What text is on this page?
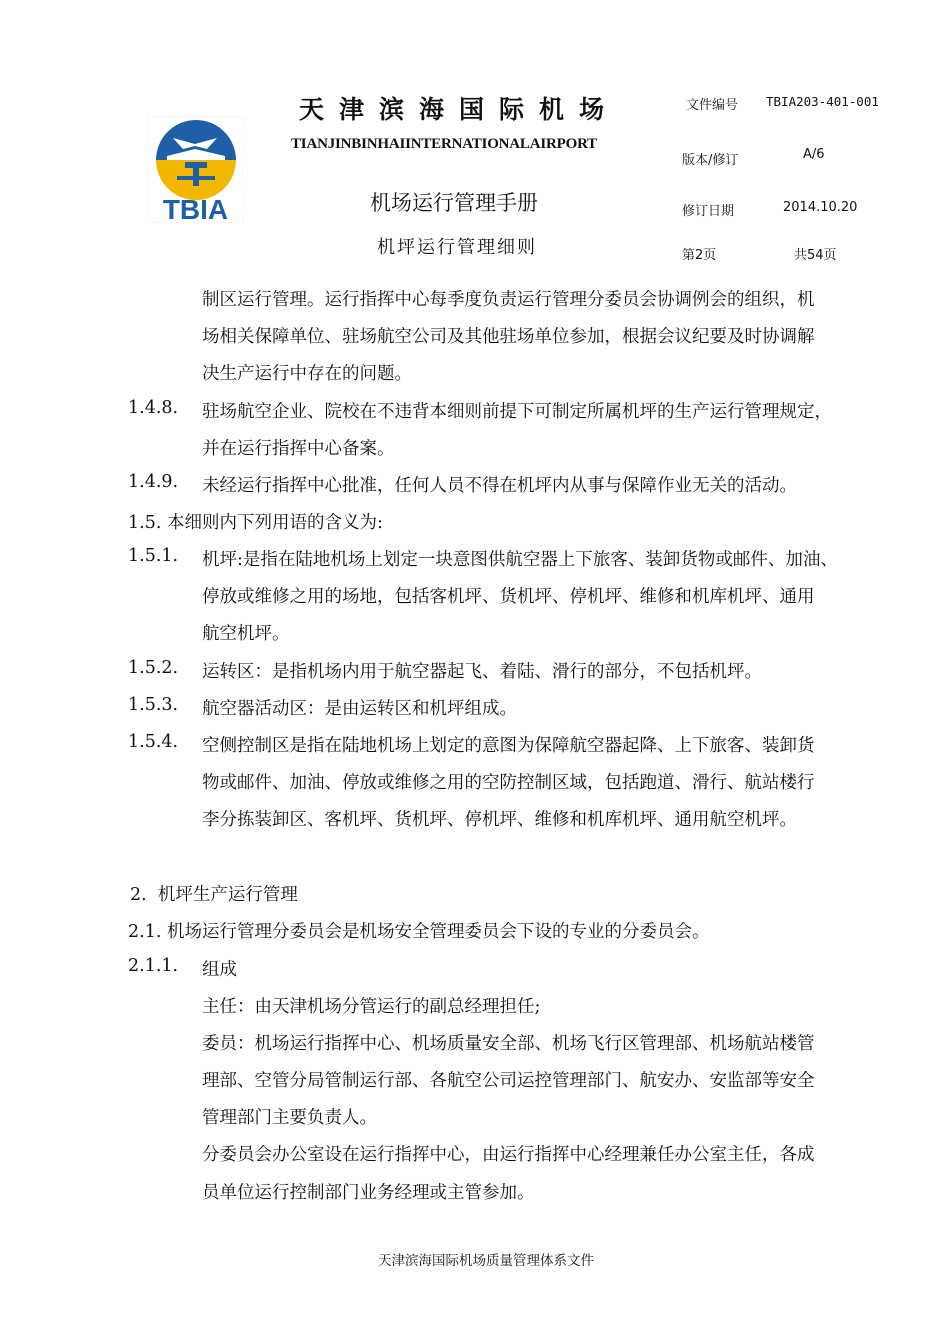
TBIA
天津滨海国际机场
TIANJINBINHAIINTERNATIONALAIRPORT
机场运行管理手册
机坪运行管理细则
文件编号 TBIA203-401-001
版本/修订	A/6
修订日期	2014.10.20
第2页	共54页
制区运行管理。运行指挥中心每季度负责运行管理分委员会协调例会的组织，机
场相关保障单位、驻场航空公司及其他驻场单位参加，根据会议纪要及时协调解
决生产运行中存在的问题。
1.4.8. 驻场航空企业、院校在不违背本细则前提下可制定所属机坪的生产运行管理规定，
并在运行指挥中心备案。
1.4.9. 未经运行指挥中心批准，任何人员不得在机坪内从事与保障作业无关的活动。
1.5. 本细则内下列用语的含义为:
1.5.1. 机坪:是指在陆地机场上划定一块意图供航空器上下旅客、装卸货物或邮件、加油、
停放或维修之用的场地，包括客机坪、货机坪、停机坪、维修和机库机坪、通用
航空机坪。
1.5.2. 运转区：是指机场内用于航空器起飞、着陆、滑行的部分，不包括机坪。
1.5.3. 航空器活动区：是由运转区和机坪组成。
1.5.4. 空侧控制区是指在陆地机场上划定的意图为保障航空器起降、上下旅客、装卸货
物或邮件、加油、停放或维修之用的空防控制区域，包括跑道、滑行、航站楼行
李分拣装卸区、客机坪、货机坪、停机坪、维修和机库机坪、通用航空机坪。
2.  机坪生产运行管理
2.1. 机场运行管理分委员会是机场安全管理委员会下设的专业的分委员会。
2.1.1. 组成
主任：由天津机场分管运行的副总经理担任;
委员：机场运行指挥中心、机场质量安全部、机场飞行区管理部、机场航站楼管
理部、空管分局管制运行部、各航空公司运控管理部门、航安办、安监部等安全
管理部门主要负责人。
分委员会办公室设在运行指挥中心，由运行指挥中心经理兼任办公室主任，各成
员单位运行控制部门业务经理或主管参加。
天津滨海国际机场质量管理体系文件
